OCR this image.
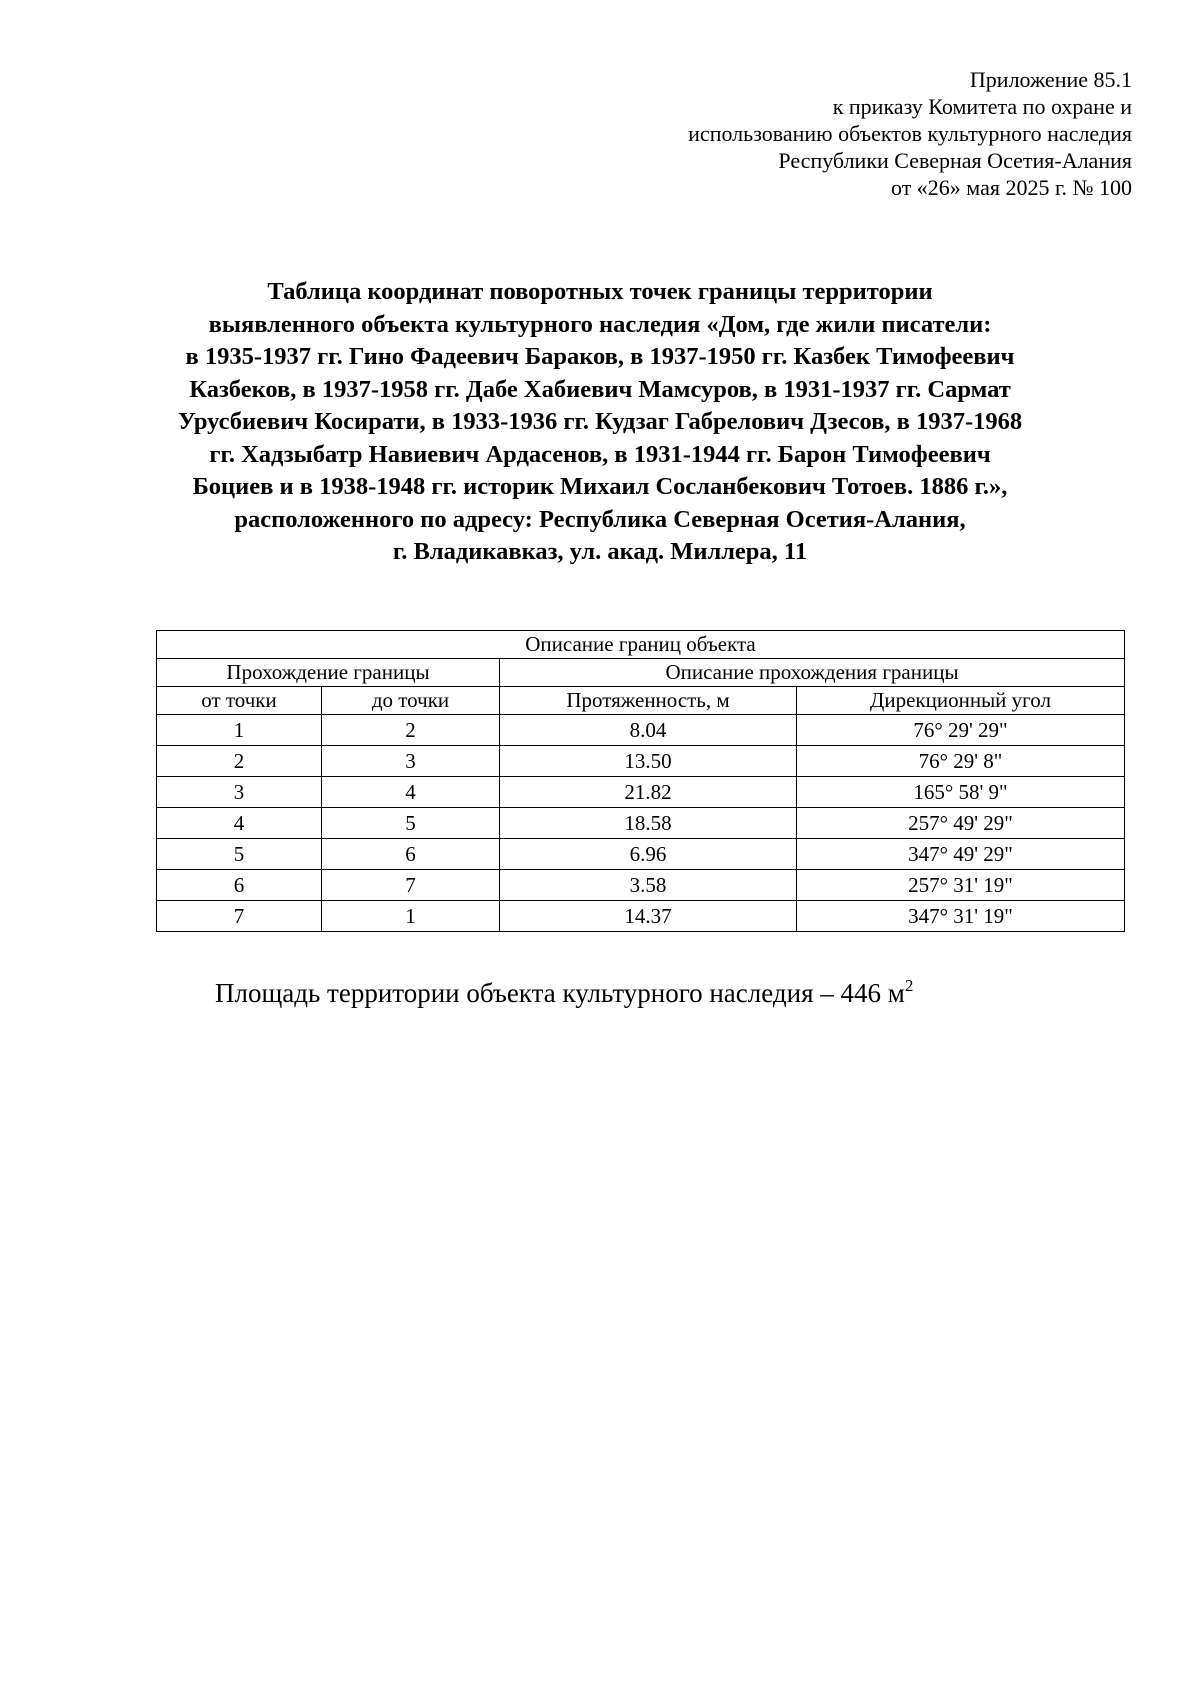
Приложение 85.1
к приказу Комитета по охране и
использованию объектов культурного наследия
Республики Северная Осетия-Алания
от «26» мая 2025 г. № 100
Таблица координат поворотных точек границы территории
выявленного объекта культурного наследия «Дом, где жили писатели:
в 1935-1937 гг. Гино Фадеевич Бараков, в 1937-1950 гг. Казбек Тимофеевич
Казбеков, в 1937-1958 гг. Дабе Хабиевич Мамсуров, в 1931-1937 гг. Сармат
Урусбиевич Косирати, в 1933-1936 гг. Кудзаг Габрелович Дзесов, в 1937-1968
гг. Хадзыбатр Навиевич Ардасенов, в 1931-1944 гг. Барон Тимофеевич
Боциев и в 1938-1948 гг. историк Михаил Сосланбекович Тотоев. 1886 г.»,
расположенного по адресу: Республика Северная Осетия-Алания,
г. Владикавказ, ул. акад. Миллера, 11
Описание границ объекта			
Прохождение границы		Описание прохождения границы	
от точки	до точки	Протяженность, м	Дирекционный угол
1	2	8.04	76° 29' 29"
2	3	13.50	76° 29' 8"
3	4	21.82	165° 58' 9"
4	5	18.58	257° 49' 29"
5	6	6.96	347° 49' 29"
6	7	3.58	257° 31' 19"
7	1	14.37	347° 31' 19"
Площадь территории объекта культурного наследия – 446 $м^2$
